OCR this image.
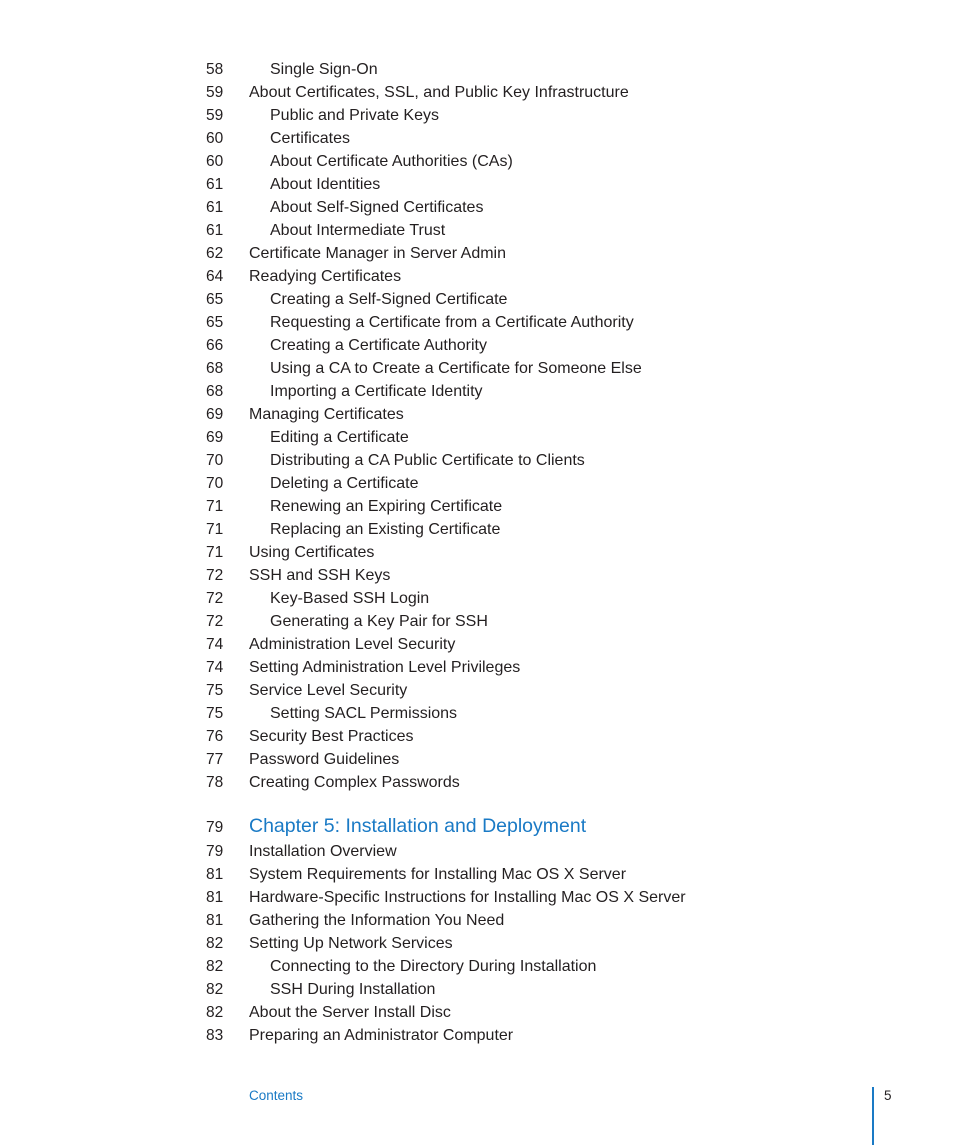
58	Single Sign-On
59 About Certificates, SSL, and Public Key Infrastructure
59	Public and Private Keys
60	Certificates
60	About Certificate Authorities (CAs)
61	About Identities
61	About Self-Signed Certificates
61	About Intermediate Trust
62 Certificate Manager in Server Admin
64 Readying Certificates
65	Creating a Self-Signed Certificate
65	Requesting a Certificate from a Certificate Authority
66	Creating a Certificate Authority
68	Using a CA to Create a Certificate for Someone Else
68	Importing a Certificate Identity
69 Managing Certificates
69	Editing a Certificate
70	Distributing a CA Public Certificate to Clients
70	Deleting a Certificate
71	Renewing an Expiring Certificate
71	Replacing an Existing Certificate
71 Using Certificates
72 SSH and SSH Keys
72	Key-Based SSH Login
72	Generating a Key Pair for SSH
74 Administration Level Security
74 Setting Administration Level Privileges
75 Service Level Security
75	Setting SACL Permissions
76 Security Best Practices
77 Password Guidelines
78 Creating Complex Passwords
79 Chapter 5: Installation and Deployment
79 Installation Overview
81 System Requirements for Installing Mac OS X Server
81 Hardware-Specific Instructions for Installing Mac OS X Server
81 Gathering the Information You Need
82 Setting Up Network Services
82	Connecting to the Directory During Installation
82	SSH During Installation
82 About the Server Install Disc
83 Preparing an Administrator Computer
Contents	5
